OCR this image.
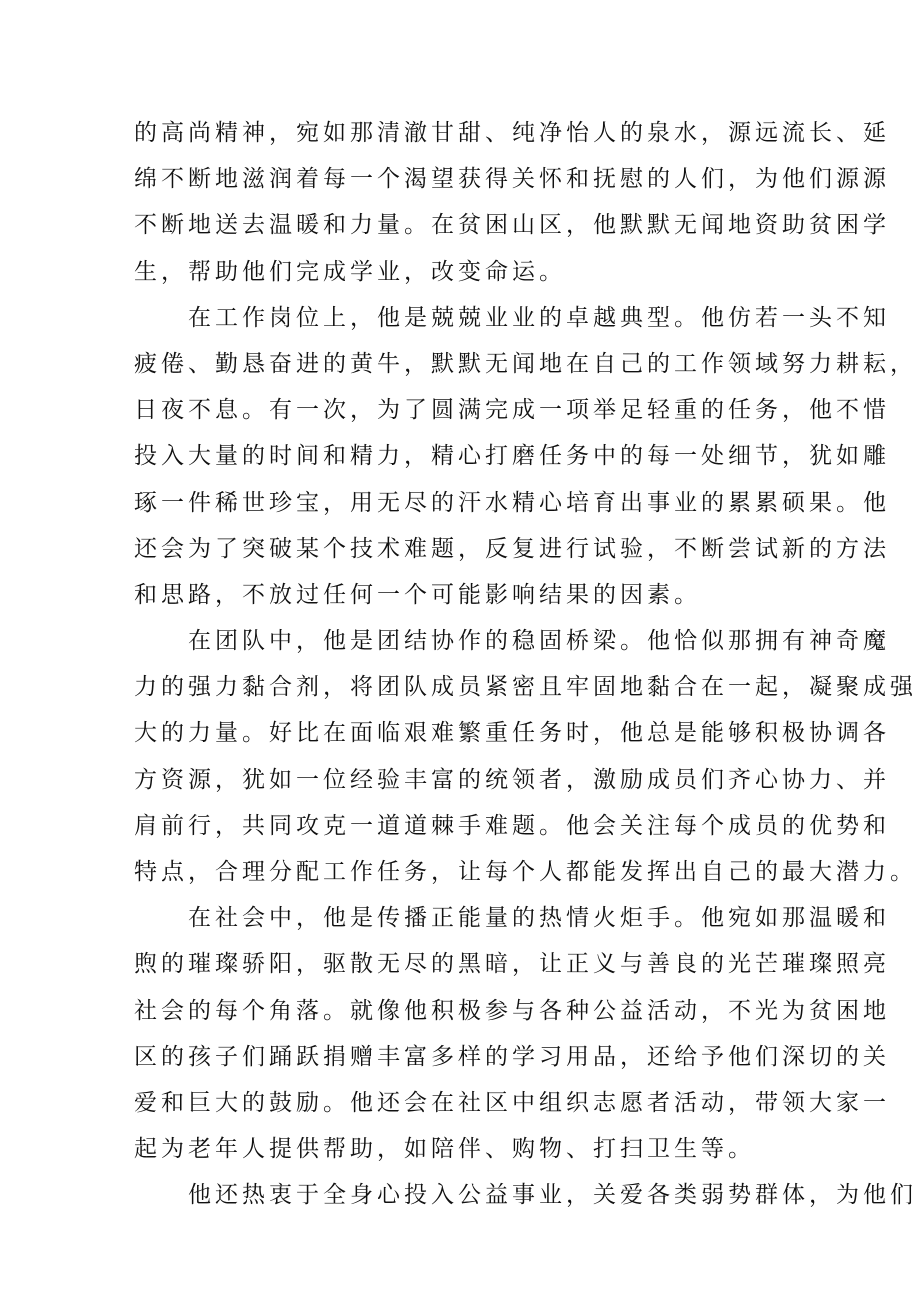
的高尚精神，宛如那清澈甘甜、纯净怡人的泉水，源远流长、延
绵不断地滋润着每一个渴望获得关怀和抚慰的人们，为他们源源
不断地送去温暖和力量。在贫困山区，他默默无闻地资助贫困学
生，帮助他们完成学业，改变命运。
在工作岗位上，他是兢兢业业的卓越典型。他仿若一头不知
疲倦、勤恳奋进的黄牛，默默无闻地在自己的工作领域努力耕耘，
日夜不息。有一次，为了圆满完成一项举足轻重的任务，他不惜
投入大量的时间和精力，精心打磨任务中的每一处细节，犹如雕
琢一件稀世珍宝，用无尽的汗水精心培育出事业的累累硕果。他
还会为了突破某个技术难题，反复进行试验，不断尝试新的方法
和思路，不放过任何一个可能影响结果的因素。
在团队中，他是团结协作的稳固桥梁。他恰似那拥有神奇魔
力的强力黏合剂，将团队成员紧密且牢固地黏合在一起，凝聚成强
大的力量。好比在面临艰难繁重任务时，他总是能够积极协调各
方资源，犹如一位经验丰富的统领者，激励成员们齐心协力、并
肩前行，共同攻克一道道棘手难题。他会关注每个成员的优势和
特点，合理分配工作任务，让每个人都能发挥出自己的最大潜力。
在社会中，他是传播正能量的热情火炬手。他宛如那温暖和
煦的璀璨骄阳，驱散无尽的黑暗，让正义与善良的光芒璀璨照亮
社会的每个角落。就像他积极参与各种公益活动，不光为贫困地
区的孩子们踊跃捐赠丰富多样的学习用品，还给予他们深切的关
爱和巨大的鼓励。他还会在社区中组织志愿者活动，带领大家一
起为老年人提供帮助，如陪伴、购物、打扫卫生等。
他还热衷于全身心投入公益事业，关爱各类弱势群体，为他们
